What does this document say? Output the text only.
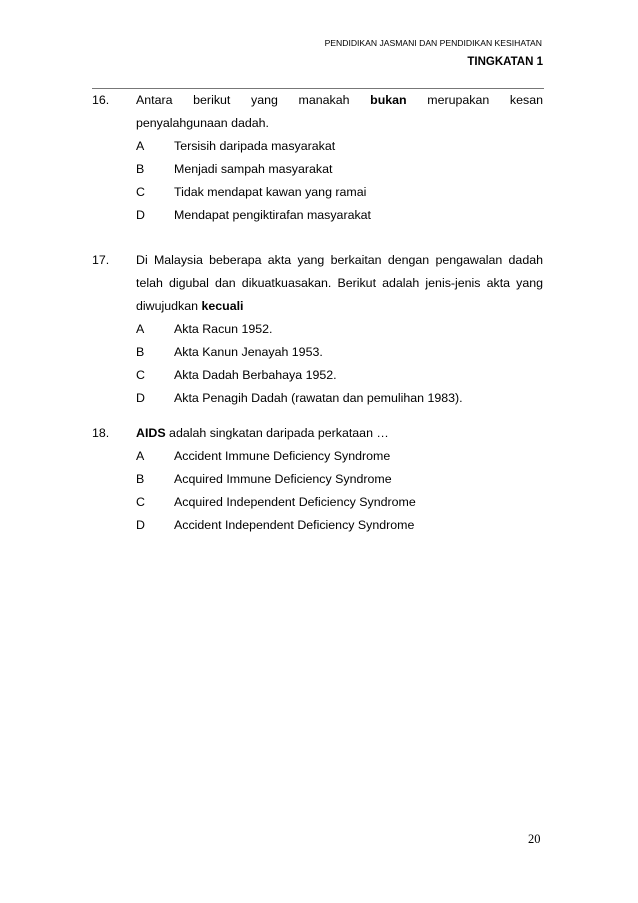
PENDIDIKAN JASMANI DAN PENDIDIKAN KESIHATAN
TINGKATAN 1
16. Antara berikut yang manakah bukan merupakan kesan
penyalahgunaan dadah.
A	Tersisih daripada masyarakat
B	Menjadi sampah masyarakat
C	Tidak mendapat kawan yang ramai
D	Mendapat pengiktirafan masyarakat
17. Di Malaysia beberapa akta yang berkaitan dengan pengawalan dadah
telah digubal dan dikuatkuasakan. Berikut adalah jenis-jenis akta yang
diwujudkan kecuali
A	Akta Racun 1952.
B	Akta Kanun Jenayah 1953.
C	Akta Dadah Berbahaya 1952.
D	Akta Penagih Dadah (rawatan dan pemulihan 1983).
18. AIDS adalah singkatan daripada perkataan …
A	Accident Immune Deficiency Syndrome
B	Acquired Immune Deficiency Syndrome
C	Acquired Independent Deficiency Syndrome
D	Accident Independent Deficiency Syndrome
20
